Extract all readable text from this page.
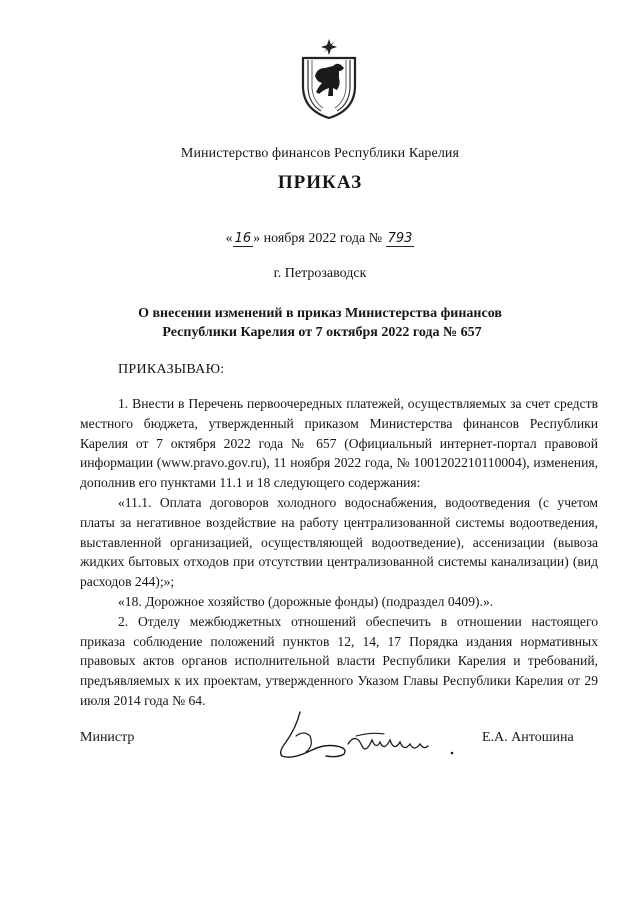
Министерство финансов Республики Карелия
ПРИКАЗ
« 16 » ноября 2022 года № 793
г. Петрозаводск
О внесении изменений в приказ Министерства финансов
Республики Карелия от 7 октября 2022 года № 657
ПРИКАЗЫВАЮ:

1. Внести в Перечень первоочередных платежей, осуществляемых за счет средств местного бюджета, утвержденный приказом Министерства финансов Республики Карелия от 7 октября 2022 года № 657 (Официальный интернет-портал правовой информации (www.pravo.gov.ru), 11 ноября 2022 года, № 1001202210110004), изменения, дополнив его пунктами 11.1 и 18 следующего содержания:

«11.1. Оплата договоров холодного водоснабжения, водоотведения (с учетом платы за негативное воздействие на работу централизованной системы водоотведения, выставленной организацией, осуществляющей водоотведение), ассенизации (вывоза жидких бытовых отходов при отсутствии централизованной системы канализации) (вид расходов 244);»;

«18. Дорожное хозяйство (дорожные фонды) (подраздел 0409).».

2. Отделу межбюджетных отношений обеспечить в отношении настоящего приказа соблюдение положений пунктов 12, 14, 17 Порядка издания нормативных правовых актов органов исполнительной власти Республики Карелия и требований, предъявляемых к их проектам, утвержденного Указом Главы Республики Карелия от 29 июля 2014 года № 64.

Министр	Е.А. Антошина
